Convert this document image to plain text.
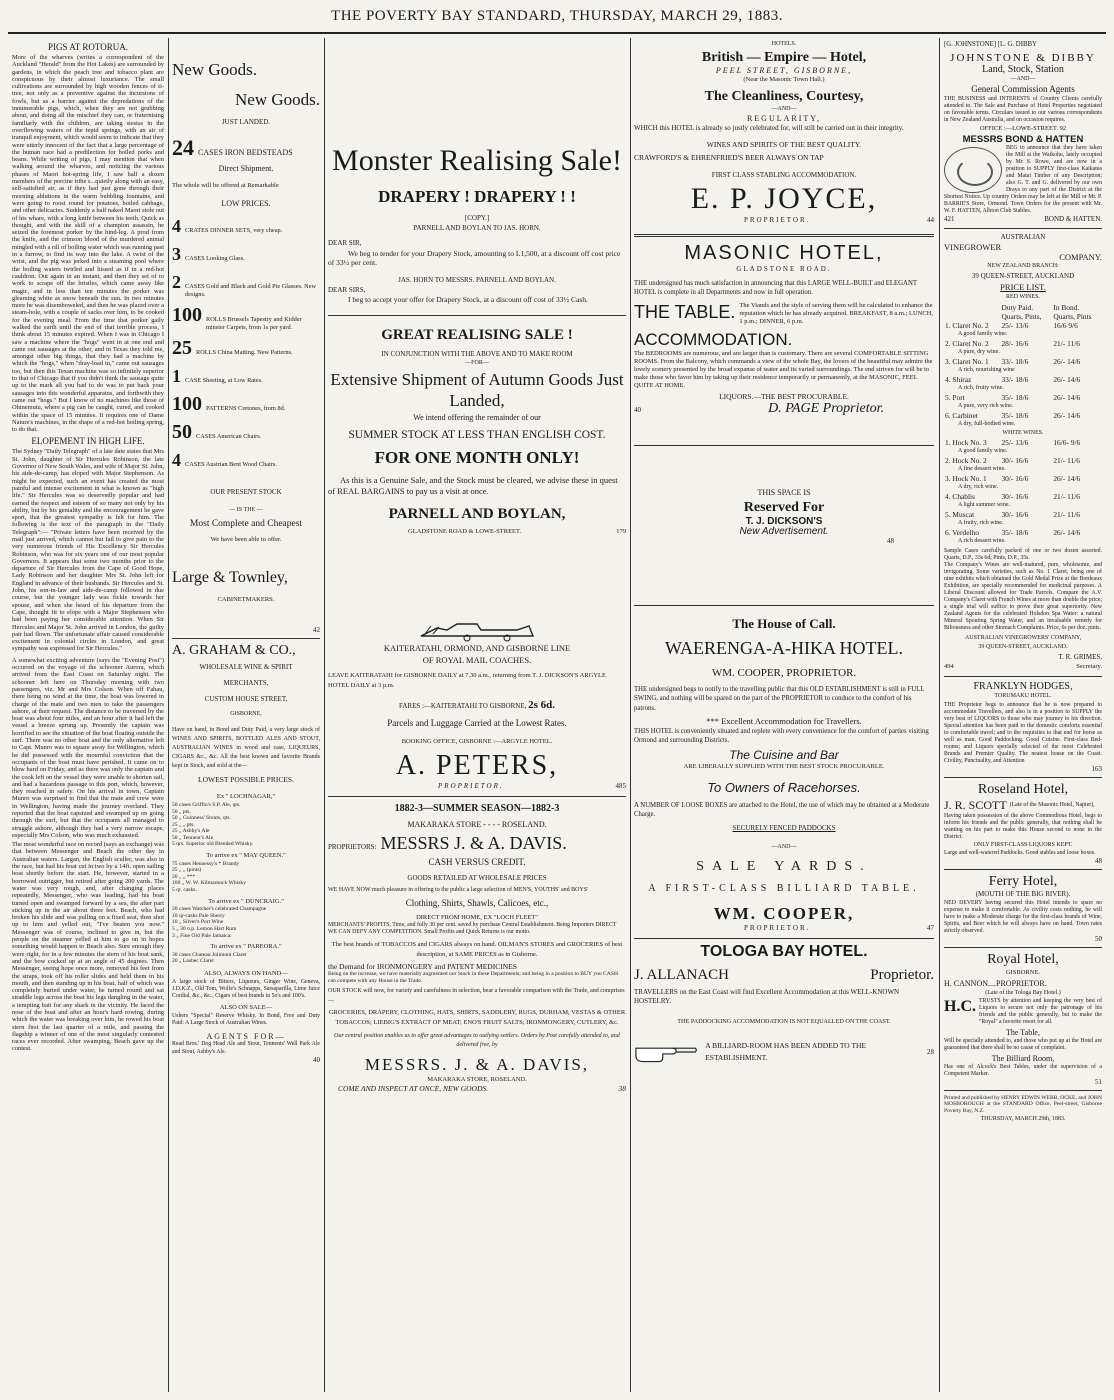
THE POVERTY BAY STANDARD, THURSDAY, MARCH 29, 1883.
PIGS AT ROTORUA.
More of the wharves (writes a correspondent of the Auckland "Herald" from the Hot Lakes) are surrounded by gardens, in which the peach tree and tobacco plant are conspicuous by their almost luxuriance. The small cultivations are surrounded by high wooden fences of ti-tree, not only as a preventive against the incursions of fowls, but as a barrier against the depredations of the innumerable pigs, which, when they are not grubbing about, and doing all the mischief they can, or fraternising familiarly with the children, are taking siestas in the overflowing waters of the tepid springs, with an air of tranquil enjoyment, which would seem to indicate that they were utterly innocent of the fact that a large percentage of the human race had a predilection for boiled porks and beans. While writing of pigs, I may mention that when walking around the wharves, and noticing the various phases of Maori hot-spring life, I saw half a dozen members of the porcine tribe s...quietly along with an easy, self-satisfied air, as if they had just gone through their morning ablutions in the warm bubbling fountains, and were going to roost round for potatoes, boiled cabbage, and other delicacies. Suddenly a half naked Maori stole out of his whare, with a long knife between his teeth. Quick as thought, and with the skill of a champion assassin, he seized the foremost porker by the hind-leg. A prod from the knife, and the crimson blood of the murdered animal mingled with a rill of boiling water which was running past in a furrow, to find its way into the lake. A twist of the wrist, and the pig was jerked into a steaming pool where the boiling waters twirled and hissed as if in a red-hot cauldron. Out again in an instant, and then they set of to work to scrape off the bristles, which came away like magic, and in less than ten minutes the porker was gleaming white as snow beneath the sun. In two minutes more he was disemboweled, and then he was placed over a steam-hole, with a couple of sacks over him, to be cooked for the evening meal. From the time that porker gaily walked the earth until the end of that terrible process, I think about 15 minutes expired. When I was in Chicago I saw a machine where the "hogs" went in at one end and came out sausages at the other, and in Texas they told me, amongst other big things, that they had a machine by which the "hogs," when "dray-load in," came out sausages too, but then this Texan machine was so infinitely superior to that of Chicago that if you didn't think the sausage quite up to the mark all you had to do was to put back your sausages into this wonderful apparatus, and forthwith they came out "hogs." But I know of no machines like those of Ohinemutu, where a pig can be caught, cured, and cooked within the space of 15 minutes. It requires one of Dame Nature's machines, in the shape of a red-hot boiling spring, to do that.
ELOPEMENT IN HIGH LIFE.
The Sydney "Daily Telegraph" of a late date states that Mrs St. John, daughter of Sir Hercules Robinson, the late Governor of New South Wales, and wife of Major St. John, his aide-de-camp, has eloped with Major Stephenson. As might be expected, such an event has created the most painful and intense excitement in what is known as "high life." Sir Hercules was so deservedly popular and had earned the respect and esteem of so many not only by his ability, but by his geniality and the encouragement he gave sport, that the greatest sympathy is felt for him. The following is the text of the paragraph in the "Daily Telegraph":— "Private letters have been received by the mail just arrived, which cannot but fail to give pain to the very numerous friends of His Excellency Sir Hercules Robinson, who was for six years one of our most popular Governors. It appears that some two months prior to the departure of Sir Hercules from the Cape of Good Hope, Lady Robinson and her daughter Mrs St. John left for England in advance of their husbands. Sir Hercules and St. John, his son-in-law and aide-de-camp followed in due course, but the younger lady was fickle towards her spouse, and when she heard of his departure from the Cape, thought fit to elope with a Major Stephenson who had been paying her considerable attention. When Sir Hercules and Major St. John arrived in London, the guilty pair had flown. The unfortunate affair caused considerable excitement in colonial circles in London, and great sympathy was expressed for Sir Hercules."
A somewhat exciting adventure (says the "Evening Post") occurred on the voyage of the schooner Aurora, which arrived from the East Coast on Saturday night. The schooner left here on Thursday morning with two passengers, viz. Mr and Mrs Colson. When off Fahau, there being no wind at the time, the boat was lowered in charge of the mate and two men to take the passengers ashore, at their request. The distance to be traversed by the boat was about four miles, and an hour after it had left the vessel a breeze sprung up. Presently the captain was horrified to see the situation of the boat floating outside the surf. There was no other boat and the only alternative left to Capt. Munro was to square away for Wellington, which he did possessed with the mournful conviction that the occupants of the boat must have perished. It came on to blow hard on Friday, and as there was only the captain and the cook left on the vessel they were unable to shorten sail, and had a hazardous passage to this port, which, however, they reached in safety. On his arrival in town, Captain Munro was surprised to find that the mate and crew were in Wellington, having made the journey overland. They reported that the boat capsized and swamped up on going through the surf, but that the occupants all managed to struggle ashore, although they had a very narrow escape, especially Mrs Colson, who was much exhausted.
The most wonderful race on record (says an exchange) was that between Messenger and Beach the other day in Australian waters. Largan, the English sculler, was also in the race, but had his boat cut in two by a 14ft. open sailing boat shortly before the start. He, however, started in a borrowed outrigger, but retired after going 200 yards. The water was very rough, and, after changing places repeatedly, Messenger, who was leading, had his boat turned open and swamped forward by a sea, the after part sticking up in the air about three feet. Beach, who had broken his slide and was pulling on a fixed seat, then shot up to him and yelled out, "I've beaten you now." Messenger was of course, inclined to give in, but the people on the steamer yelled at him to go on in hopes something would happen to Beach also. Sure enough they were right, for in a few minutes the stern of his boat sank, and the bow cocked up at an angle of 45 degrees. Then Messenger, seeing hope once more, removed his feet from the straps, took off his roller slides and held them in his mouth, and then standing up in his boat, half of which was completely buried under water, he turned round and sat straddle legs across the boat his legs dangling in the water, a tempting bait for any shark in the vicinity. He faced the nose of the boat and after an hour's hard rowing, during which the water was breaking over him, he rowed his boat stern first the last quarter of a mile, and passing the flagship a winner of one of the most singularly contested races ever recorded. After swamping, Beach gave up the contest.
New Goods.
New Goods.
JUST LANDED.
24 CASES IRON BEDSTEADS
Direct Shipment.
The whole will be offered at Remarkable
LOW PRICES.
4 CRATES DINNER SETS, very cheap.
3 CASES Looking Glass.
2 CASES Gold and Black and Gold Pie Glasses. New designs.
100 ROLLS Brussels Tapestry and Kidder minster Carpets, from 1s per yard.
25 ROLLS China Matting. New Patterns.
1 CASE Sheeting, at Low Rates.
100 PATTERNS Cretones, from 8d.
50 CASES American Chairs.
4 CASES Austrian Bent Wood Chairs.
OUR PRESENT STOCK
— IS THE —
Most Complete and Cheapest
We have been able to offer.
Large & Townley,
CABINETMAKERS.
42
A. GRAHAM & CO.,
WHOLESALE WINE & SPIRIT
MERCHANTS,
CUSTOM HOUSE STREET,
GISBORNE,
Have on hand, in Bond and Duty Paid, a very large stock of WINES AND SPIRITS, BOTTLED ALES AND STOUT, AUSTRALIAN WINES in wood and case, LIQUEURS, CIGARS &c., &c. All the best known and favorite Brands kept in Stock, and sold at the—
LOWEST POSSIBLE PRICES.
Ex " LOCHNAGAR,"
50 cases Griffin's S.P. Ale, qts.
50 „ pts.
50 „ Guinness' Stouts, qts.
25 „ „ pts.
25 „ Ashby's Ale
50 „ Tennent's Ale
5 qrs. Superior old Blended Whisky.
To arrive ex " MAY QUEEN."
75 cases Hennessy's * Brandy
25 „ „ (pints)
20 „ „ ***
100 „ W. W. Kilmarnock Whisky
5 qr. casks.
To arrive ex " DUNCRAIG."
20 cases Watcher's celebrated Champagne
10 qr-casks Pale Sherry
10 „ Silver's Port Wine
5 „ 30 o.p. Lemon Hart Rum
3 „ Fine Old Pale Jamaica.
To arrive ex " PAREORA."
30 cases Chateau Jolimont Claret
20 „ Lasbec Claret
ALSO, ALWAYS ON HAND—
A large stock of Bitters, Liqueurs, Ginger Wine, Geneva, J.D.K.Z., Old Tom, Wolfe's Schnapps, Sarsaparilla, Lime Juice Cordial, &c., &c., Cigars of best brands in 5o's and 100's.
ALSO ON SALE—
Ushers "Special" Reserve Whisky. In Bond, Free and Duty Paid: A Large Stock of Australian Wines.
AGENTS FOR—
Read Bros.' Dog Head Ale and Stout, Tennents' Well Park Ale and Stout, Ashby's Ale.
40
Monster Realising Sale!
DRAPERY ! DRAPERY ! !
[COPY.]
PARNELL AND BOYLAN TO JAS. HORN.
DEAR SIR,
We beg to tender for your Drapery Stock, amounting to L1,500, at a discount off cost price of 33½ per cent.
JAS. HORN TO MESSRS. PARNELL AND BOYLAN.
DEAR SIRS,
I beg to accept your offer for Drapery Stock, at a discount off cost of 33½ Cash.
GREAT REALISING SALE !
IN CONJUNCTION WITH THE ABOVE AND TO MAKE ROOM
—FOR—
Extensive Shipment of Autumn Goods Just Landed,
We intend offering the remainder of our
SUMMER STOCK AT LESS THAN ENGLISH COST.
FOR ONE MONTH ONLY!
As this is a Genuine Sale, and the Stock must be cleared, we advise these in quest of REAL BARGAINS to pay us a visit at once.
PARNELL AND BOYLAN,
GLADSTONE ROAD & LOWE-STREET.	179
KAITERATAHI, ORMOND, AND GISBORNE LINE
OF ROYAL MAIL COACHES.
LEAVE KAITERATAHI for GISBORNE DAILY at 7.30 a.m., returning from T. J. DICKSON'S ARGYLE HOTEL DAILY at 3 p.m.
FARES :—KAITERATAHI TO GISBORNE, 2s 6d.
Parcels and Luggage Carried at the Lowest Rates.
BOOKING OFFICE, GISBORNE :—ARGYLE HOTEL.
A. PETERS,
PROPRIETOR.	485
1882-3—SUMMER SEASON—1882-3
MAKARAKA STORE - - - - ROSELAND.
PROPRIETORS: MESSRS J. & A. DAVIS.
CASH VERSUS CREDIT.
GOODS RETAILED AT WHOLESALE PRICES
WE HAVE NOW much pleasure in offering to the public a large selection of MEN'S, YOUTHS' and BOYS'
Clothing, Shirts, Shawls, Calicoes, etc.,
DIRECT FROM HOME, EX "LOCH FLEET"
MERCHANTS' PROFITS, Time, and fully 30 per cent. saved by purchase Central Establishment. Being Importers DIRECT WE CAN DEFY ANY COMPETITION. Small Profits and Quick Returns is our motto.
The best brands of TOBACCOS and CIGARS always on hand. OILMAN'S STORES and GROCERIES of best description, at SAME PRICES as in Gisborne.
the Demand for IRONMONGERY and PATENT MEDICINES
Being on the increase, we have materially augmented our Stock in these Departments; and being in a position to BUY you CASH can compete with any House in the Trade.
OUR STOCK will now, for variety and carefulness in selection, bear a favorable comparison with the Trade, and comprises—
GROCERIES, DRAPERY, CLOTHING, HATS, SHIRTS, SADDLERY, RUGS, DURHAM, VESTAS & OTHER TOBACCOS; LIEBIG'S EXTRACT OF MEAT; ENO'S FRUIT SALTS; IRONMONGERY, CUTLERY, &c.
Our central position enables us to offer great advantages to outlying settlers. Orders by Post carefully attended to, and delivered free, by
MESSRS. J. & A. DAVIS,
MAKARAKA STORE, ROSELAND.
COME AND INSPECT AT ONCE, NEW GOODS.	38
HOTELS.
British — Empire — Hotel,
PEEL STREET, GISBORNE,
(Near the Masonic Town Hall.)
The Cleanliness, Courtesy,
—AND—
REGULARITY,
WHICH this HOTEL is already so justly celebrated for, will still be carried out in their integrity.
WINES AND SPIRITS OF THE BEST QUALITY.
CRAWFORD'S & EHRENFRIED'S BEER ALWAYS ON TAP
FIRST CLASS STABLING ACCOMMODATION.
E. P. JOYCE,
PROPRIETOR.	44
MASONIC HOTEL,
GLADSTONE ROAD.
THE undersigned has much satisfaction in announcing that this LARGE WELL-BUILT and ELEGANT HOTEL is complete in all Departments and now in full operation.
THE TABLE. The Viands and the style of serving them will be calculated to enhance the reputation which he has already acquired. BREAKFAST, 8 a.m.; LUNCH, 1 p.m.; DINNER, 6 p.m.
ACCOMMODATION.
The BEDROOMS are numerous, and are larger than is customary. There are several COMFORTABLE SITTING ROOMS. From the Balcony, which commands a view of the whole Bay, the lovers of the beautiful may admire the lovely scenery presented by the broad expanse of water and its varied surroundings. The end striven for will be to make those who favor him by taking up their residence temporarily or permanently, at the MASONIC, FEEL QUITE AT HOME.
LIQUORS.—THE BEST PROCURABLE.
40	D. PAGE Proprietor.
THIS SPACE IS
Reserved For
T. J. DICKSON'S
New Advertisement.
48
The House of Call.
WAERENGA-A-HIKA HOTEL.
WM. COOPER, PROPRIETOR.
THE undersigned begs to notify to the travelling public that this OLD ESTABLISHMENT is still in FULL SWING, and nothing will be spared on the part of the PROPRIETOR to conduce to the comfort of his patrons.
*** Excellent Accommodation for Travellers.
THIS HOTEL is conveniently situated and replete with every convenience for the comfort of parties visiting Ormond and surrounding Districts.
The Cuisine and Bar
ARE LIBERALLY SUPPLIED WITH THE BEST STOCK PROCURABLE.
To Owners of Racehorses.
A NUMBER OF LOOSE BOXES are attached to the Hotel, the use of which may be obtained at a Moderate Charge.
SECURELY FENCED PADDOCKS
—AND—
SALE YARDS.
A FIRST-CLASS BILLIARD TABLE.
WM. COOPER,
PROPRIETOR.	47
TOLOGA BAY HOTEL.
J. ALLANACH	Proprietor.
TRAVELLERS on the East Coast will find Excellent Accommodation at this WELL-KNOWN HOSTELRY.
THE PADDOCKING ACCOMMODATION IS NOT EQUALLED ON THE COAST.
A BILLIARD-ROOM HAS BEEN ADDED TO THE ESTABLISHMENT.
28
[G. JOHNSTONE] [L. G. DIBBY
JOHNSTONE & DIBBY
Land, Stock, Station
—AND—
General Commission Agents
THE BUSINESS and INTERESTS of Country Clients carefully attended to. The Sale and Purchase of Hotel Properties negotiated on favorable terms. Circulars issued to our various correspondents in New Zealand Australia, and on occasion requires.
OFFICE :—LOWE-STREET. 92
MESSRS BOND & HATTEN
BEG to announce that they have taken the Mill at the Waikohu, lately occupied by Mr S. Rowe, and are now in a position to SUPPLY first-class Kaikatea and Matai Timber of any Description; also G. T. and G. delivered by our own Drays to any part of the District at the Shortest Notice. Up country Orders may be left at the Mill or Mr. P. BARRIE'S Store, Ormond. Town Orders for the present with Mr. W. F. HATTEN, Albion Club Stables.
421	BOND & HATTEN.
AUSTRALIAN
VINEGROWER
COMPANY.
NEW ZEALAND BRANCH:
39 QUEEN-STREET, AUCKLAND
PRICE LIST.
RED WINES.
	Duty Paid.	In Bond.
	Quarts, Pints,	Quarts, Pints
1. Claret No. 2	25/- 13/6	16/6 9/6
A good family wine.		
2. Claret No. 2	28/- 16/6	21/- 11/6
A pure, dry wine.		
3. Claret No. 1	33/- 18/6	26/- 14/6
A rich, nourishing wine		
4. Shiraz	33/- 18/6	26/- 14/6
A rich, fruity wine.		
5. Port	35/- 18/6	26/- 14/6
A pure, very rich wine.		
6. Carbinet	35/- 18/6	26/- 14/6
A dry, full-bodied wine.		
WHITE WINES.		
1. Hock No. 3	25/- 13/6	16/6- 9/6
A good family wine.		
2. Hock No. 2	30/- 16/6	21/- 11/6
A fine dessert wine.		
3. Hock No. 1	30/- 16/6	26/- 14/6
A dry, rich wine.		
4. Chablis	30/- 16/6	21/- 11/6
A light summer wine.		
5. Muscat	30/- 16/6	21/- 11/6
A fruity, rich wine.		
6. Verdelho	35/- 18/6	26/- 14/6
A rich dessert wine.		
Sample Cases carefully packed of one or two dozen assorted. Quarts, D.P., 33s 6d; Pints, D.P., 35s.
The Company's Wines are well-matured, pure, wholesome, and invigorating. Some varieties, such as No. 1 Claret, being one of nine exhibits which obtained the Gold Medal Prize at the Bordeaux Exhibition, are specially recommended for medicinal purposes. A Liberal Discount allowed for Trade Parcels. Compare the A.V. Company's Claret with French Wines at more than double the price; a single trial will suffice to prove their great superiority. New Zealand Agents for the celebrated Holsdon Spa Water: a natural Mineral Spouting Spring Water, and an invaluable remedy for Biliousness and other Stomach Complaints. Price, 6s per doz. pints.
AUSTRALIAN VINEGROWERS' COMPANY,
39 QUEEN-STREET, AUCKLAND.
T. R. GRIMES,
494	Secretary.
FRANKLYN HODGES,
TORUMAKU HOTEL.
THE Proprietor begs to announce that he is now prepared to accommodate Travellers, and also is in a position to SUPPLY the very best of LIQUORS to those who may journey to his direction. Special attention has been paid to the domestic comforts essential to comfortable travel; and to the requisites to that end for horse as well as man. Good Paddocking. Good Cuisine. First-class Bed-rooms; and Liquors specially selected of the most Celebrated Brands and Premier Quality. The neatest house on the Coast. Civility, Punctuality, and Attention
163
Roseland Hotel,
J. R. SCOTT (Late of the Masonic Hotel, Napier),
Having taken possession of the above Commodious Hotel, begs to inform his friends and the public generally, that nothing shall be wanting on his part to make this House second to none in the District.
ONLY FIRST-CLASS LIQUORS KEPT.
Large and well-watered Paddocks. Good stables and loose boxes.
48
Ferry Hotel,
(MOUTH OF THE BIG RIVER).
NED DEVERY having secured this Hotel intends to spare no expense to make it comfortable. As civility costs nothing, he will have to make a Moderate charge for the first-class brands of Wine, Spirits, and Beer which he will always have on hand. Town rates strictly observed.
50
Royal Hotel,
GISBORNE.
H. CANNON....PROPRIETOR.
(Late of the Tologa Bay Hotel.)
H.C. TRUSTS by attention and keeping the very best of Liquors to secure not only the patronage of his friends and the public generally, but to make the "Royal" a favorite resort for all.
The Table,
Will be specially attended to, and those who put up at the Hotel are guaranteed that there shall be no cause of complaint.
The Billiard Room,
Has one of Alcock's Best Tables, under the supervision of a Competent Marker.
51
Printed and published by HENRY EDWIN WEBB, OCKE, and JOHN MOSBOROUGH at the STANDARD Office, Peel-street, Gisborne Poverty Bay, N.Z.
THURSDAY, MARCH 29th, 1883.
